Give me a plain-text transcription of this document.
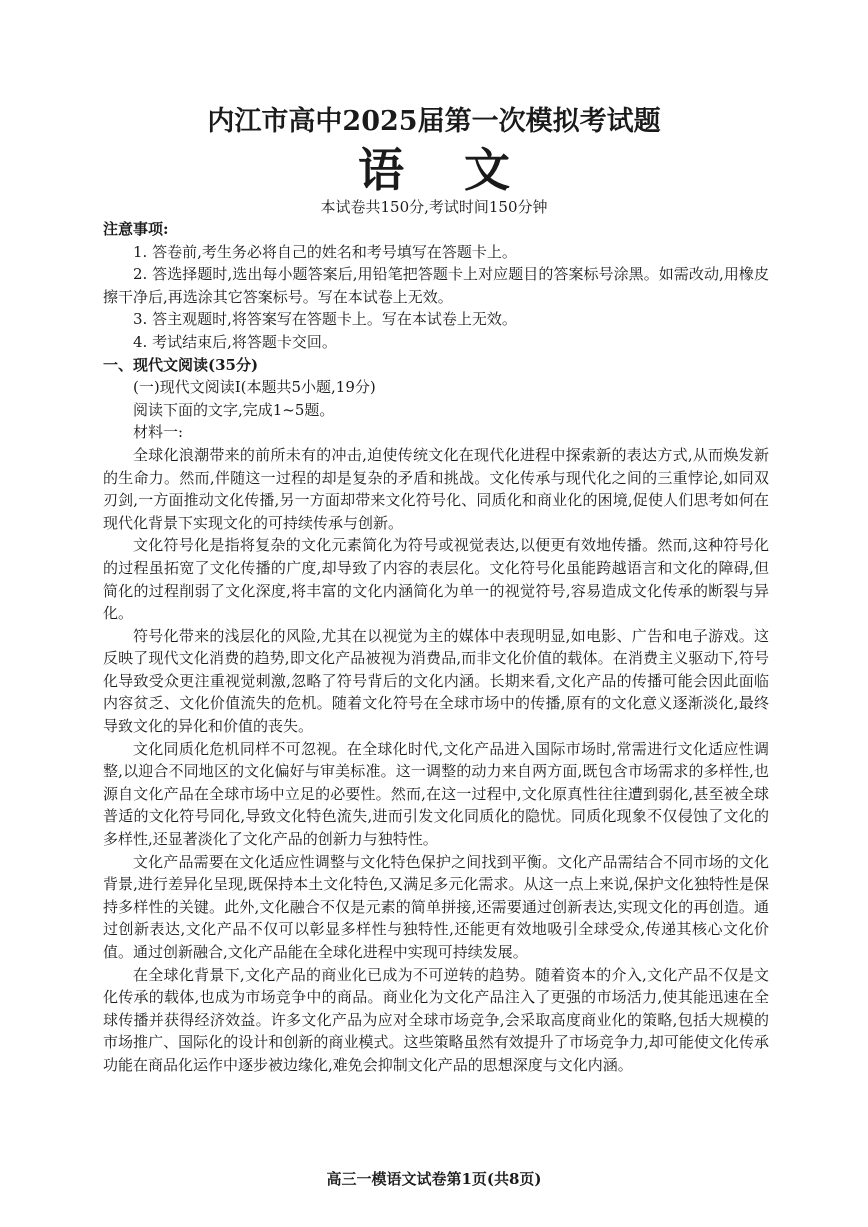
内江市高中2025届第一次模拟考试题
语文
本试卷共150分,考试时间150分钟

注意事项:

1. 答卷前,考生务必将自己的姓名和考号填写在答题卡上。

2. 答选择题时,选出每小题答案后,用铅笔把答题卡上对应题目的答案标号涂黑。如需改动,用橡皮擦干净后,再选涂其它答案标号。写在本试卷上无效。

3. 答主观题时,将答案写在答题卡上。写在本试卷上无效。

4. 考试结束后,将答题卡交回。

一、现代文阅读(35分)

(一)现代文阅读Ⅰ(本题共5小题,19分)

阅读下面的文字,完成1~5题。

材料一:

全球化浪潮带来的前所未有的冲击,迫使传统文化在现代化进程中探索新的表达方式,从而焕发新的生命力。然而,伴随这一过程的却是复杂的矛盾和挑战。文化传承与现代化之间的三重悖论,如同双刃剑,一方面推动文化传播,另一方面却带来文化符号化、同质化和商业化的困境,促使人们思考如何在现代化背景下实现文化的可持续传承与创新。

文化符号化是指将复杂的文化元素简化为符号或视觉表达,以便更有效地传播。然而,这种符号化的过程虽拓宽了文化传播的广度,却导致了内容的表层化。文化符号化虽能跨越语言和文化的障碍,但简化的过程削弱了文化深度,将丰富的文化内涵简化为单一的视觉符号,容易造成文化传承的断裂与异化。

符号化带来的浅层化的风险,尤其在以视觉为主的媒体中表现明显,如电影、广告和电子游戏。这反映了现代文化消费的趋势,即文化产品被视为消费品,而非文化价值的载体。在消费主义驱动下,符号化导致受众更注重视觉刺激,忽略了符号背后的文化内涵。长期来看,文化产品的传播可能会因此面临内容贫乏、文化价值流失的危机。随着文化符号在全球市场中的传播,原有的文化意义逐渐淡化,最终导致文化的异化和价值的丧失。

文化同质化危机同样不可忽视。在全球化时代,文化产品进入国际市场时,常需进行文化适应性调整,以迎合不同地区的文化偏好与审美标准。这一调整的动力来自两方面,既包含市场需求的多样性,也源自文化产品在全球市场中立足的必要性。然而,在这一过程中,文化原真性往往遭到弱化,甚至被全球普适的文化符号同化,导致文化特色流失,进而引发文化同质化的隐忧。同质化现象不仅侵蚀了文化的多样性,还显著淡化了文化产品的创新力与独特性。

文化产品需要在文化适应性调整与文化特色保护之间找到平衡。文化产品需结合不同市场的文化背景,进行差异化呈现,既保持本土文化特色,又满足多元化需求。从这一点上来说,保护文化独特性是保持多样性的关键。此外,文化融合不仅是元素的简单拼接,还需要通过创新表达,实现文化的再创造。通过创新表达,文化产品不仅可以彰显多样性与独特性,还能更有效地吸引全球受众,传递其核心文化价值。通过创新融合,文化产品能在全球化进程中实现可持续发展。

在全球化背景下,文化产品的商业化已成为不可逆转的趋势。随着资本的介入,文化产品不仅是文化传承的载体,也成为市场竞争中的商品。商业化为文化产品注入了更强的市场活力,使其能迅速在全球传播并获得经济效益。许多文化产品为应对全球市场竞争,会采取高度商业化的策略,包括大规模的市场推广、国际化的设计和创新的商业模式。这些策略虽然有效提升了市场竞争力,却可能使文化传承功能在商品化运作中逐步被边缘化,难免会抑制文化产品的思想深度与文化内涵。

高三一模语文试卷第1页(共8页)
